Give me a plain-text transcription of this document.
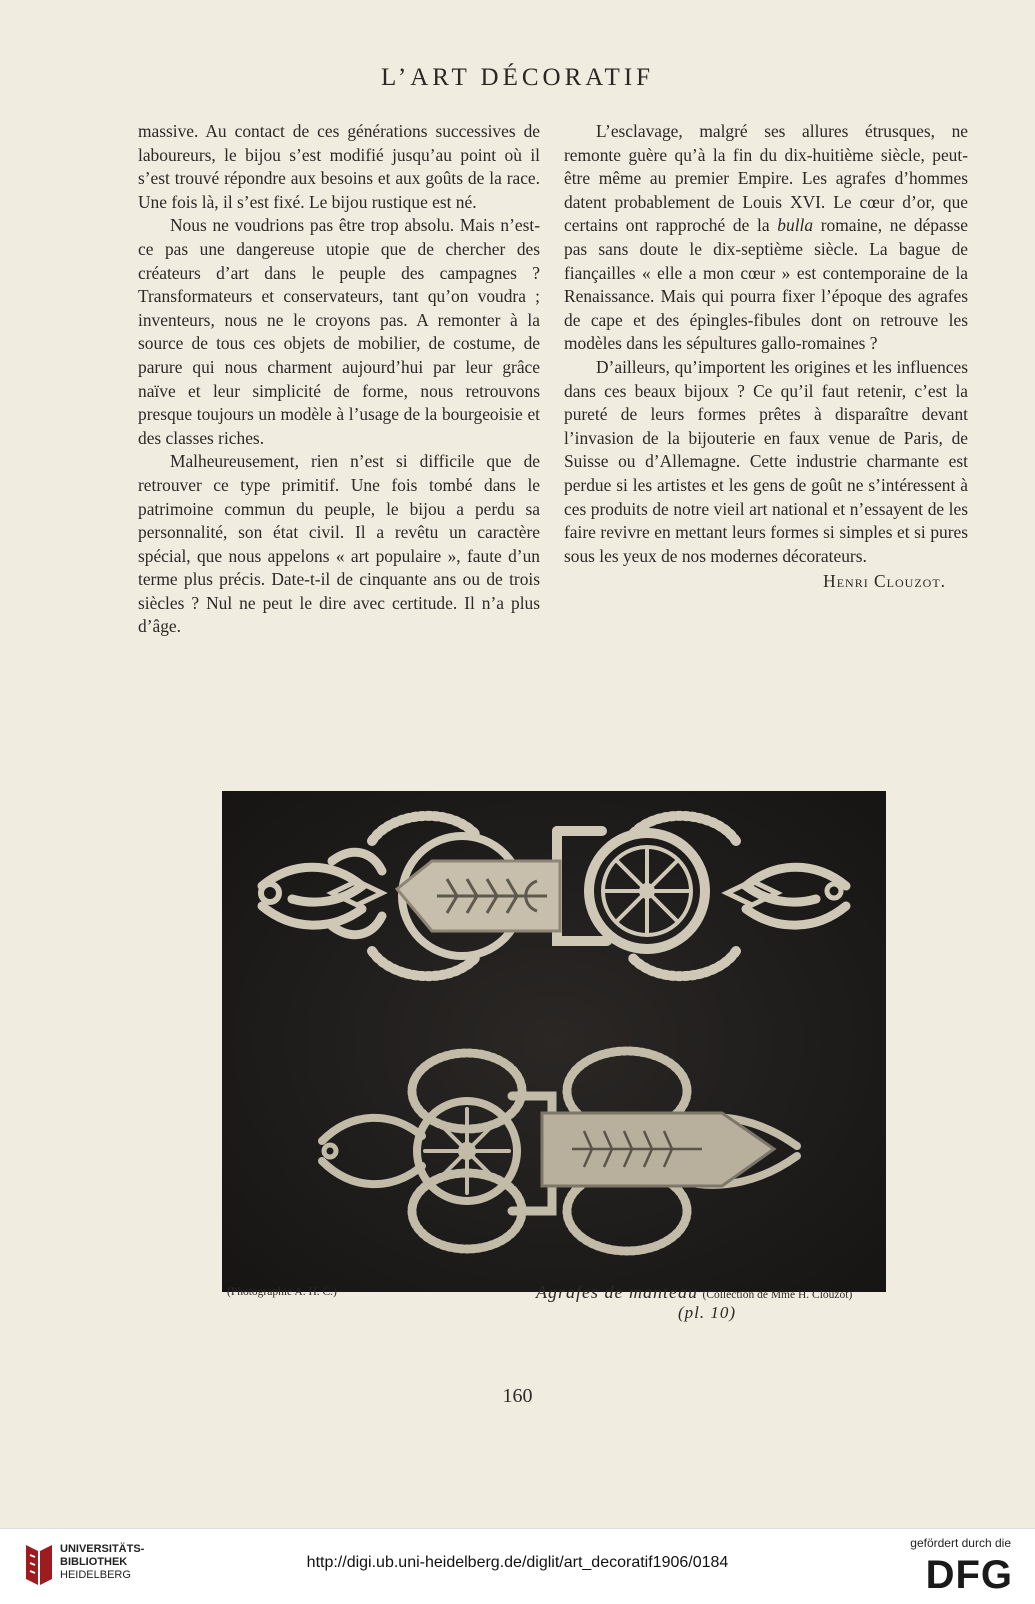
L’ART DÉCORATIF

massive. Au contact de ces générations successives de laboureurs, le bijou s’est modifié jusqu’au point où il s’est trouvé répondre aux besoins et aux goûts de la race. Une fois là, il s’est fixé. Le bijou rustique est né.

Nous ne voudrions pas être trop absolu. Mais n’est-ce pas une dangereuse utopie que de chercher des créateurs d’art dans le peuple des campagnes ? Transformateurs et conservateurs, tant qu’on voudra ; inventeurs, nous ne le croyons pas. A remonter à la source de tous ces objets de mobilier, de costume, de parure qui nous charment aujourd’hui par leur grâce naïve et leur simplicité de forme, nous retrouvons presque toujours un modèle à l’usage de la bourgeoisie et des classes riches.

Malheureusement, rien n’est si difficile que de retrouver ce type primitif. Une fois tombé dans le patrimoine commun du peuple, le bijou a perdu sa personnalité, son état civil. Il a revêtu un caractère spécial, que nous appelons « art populaire », faute d’un terme plus précis. Date-t-il de cinquante ans ou de trois siècles ? Nul ne peut le dire avec certitude. Il n’a plus d’âge.

L’esclavage, malgré ses allures étrusques, ne remonte guère qu’à la fin du dix-huitième siècle, peut-être même au premier Empire. Les agrafes d’hommes datent probablement de Louis XVI. Le cœur d’or, que certains ont rapproché de la bulla romaine, ne dépasse pas sans doute le dix-septième siècle. La bague de fiançailles « elle a mon cœur » est contemporaine de la Renaissance. Mais qui pourra fixer l’époque des agrafes de cape et des épingles-fibules dont on retrouve les modèles dans les sépultures gallo-romaines ?

D’ailleurs, qu’importent les origines et les influences dans ces beaux bijoux ? Ce qu’il faut retenir, c’est la pureté de leurs formes prêtes à disparaître devant l’invasion de la bijouterie en faux venue de Paris, de Suisse ou d’Allemagne. Cette industrie charmante est perdue si les artistes et les gens de goût ne s’intéressent à ces produits de notre vieil art national et n’essayent de les faire revivre en mettant leurs formes si simples et si pures sous les yeux de nos modernes décorateurs.

Henri Clouzot.
(Photographie A. H. C.)	Agrafes de manteau (Collection de Mme H. Clouzot)
(pl. 10)
160
UNIVERSITÄTS-
BIBLIOTHEK
HEIDELBERG
http://digi.ub.uni-heidelberg.de/diglit/art_decoratif1906/0184
gefördert durch die
DFG
